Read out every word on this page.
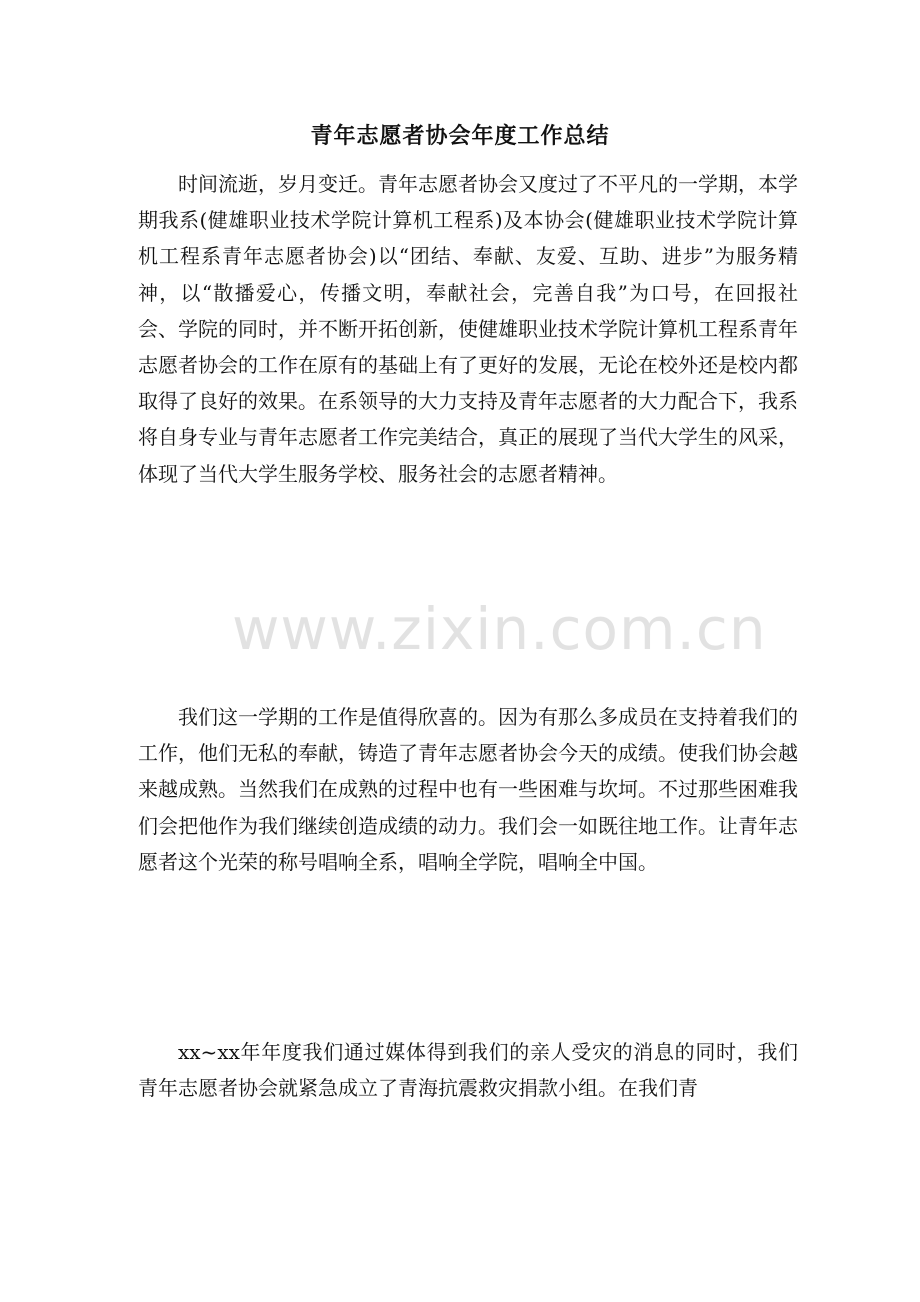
青年志愿者协会年度工作总结

时间流逝，岁月变迁。青年志愿者协会又度过了不平凡的一学期，本学期我系(健雄职业技术学院计算机工程系)及本协会(健雄职业技术学院计算机工程系青年志愿者协会)以“团结、奉献、友爱、互助、进步”为服务精神，以“散播爱心，传播文明，奉献社会，完善自我”为口号，在回报社会、学院的同时，并不断开拓创新，使健雄职业技术学院计算机工程系青年志愿者协会的工作在原有的基础上有了更好的发展，无论在校外还是校内都取得了良好的效果。在系领导的大力支持及青年志愿者的大力配合下，我系将自身专业与青年志愿者工作完美结合，真正的展现了当代大学生的风采，体现了当代大学生服务学校、服务社会的志愿者精神。

www.zixin.com.cn

我们这一学期的工作是值得欣喜的。因为有那么多成员在支持着我们的工作，他们无私的奉献，铸造了青年志愿者协会今天的成绩。使我们协会越来越成熟。当然我们在成熟的过程中也有一些困难与坎坷。不过那些困难我们会把他作为我们继续创造成绩的动力。我们会一如既往地工作。让青年志愿者这个光荣的称号唱响全系，唱响全学院，唱响全中国。

xx~xx年年度我们通过媒体得到我们的亲人受灾的消息的同时，我们青年志愿者协会就紧急成立了青海抗震救灾捐款小组。在我们青
